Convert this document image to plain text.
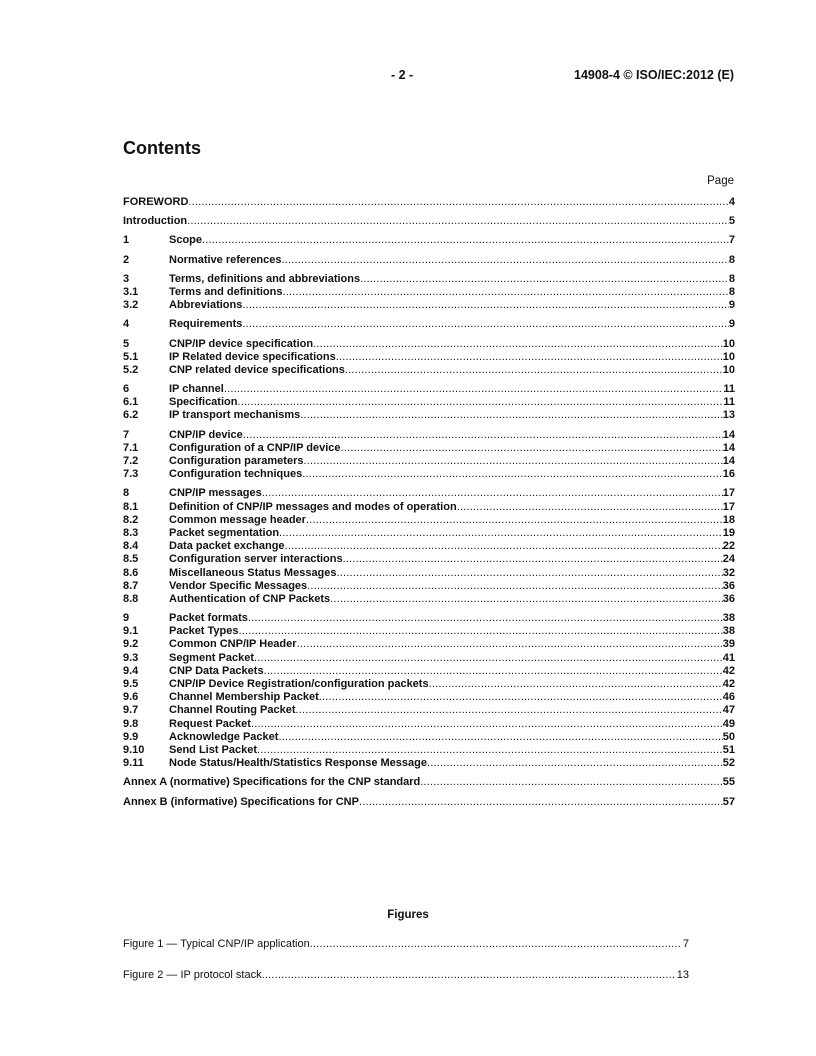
- 2 -	14908-4 © ISO/IEC:2012 (E)
Contents
Page
FOREWORD .....	4
Introduction .....	5
1	Scope .....	7
2	Normative references .....	8
3	Terms, definitions and abbreviations .....	8
3.1	Terms and definitions .....	8
3.2	Abbreviations .....	9
4	Requirements .....	9
5	CNP/IP device specification .....	10
5.1	IP Related device specifications .....	10
5.2	CNP related device specifications .....	10
6	IP channel .....	11
6.1	Specification .....	11
6.2	IP transport mechanisms .....	13
7	CNP/IP device .....	14
7.1	Configuration of a CNP/IP device .....	14
7.2	Configuration parameters .....	14
7.3	Configuration techniques .....	16
8	CNP/IP messages .....	17
8.1	Definition of CNP/IP messages and modes of operation .....	17
8.2	Common message header .....	18
8.3	Packet segmentation .....	19
8.4	Data packet exchange .....	22
8.5	Configuration server interactions .....	24
8.6	Miscellaneous Status Messages .....	32
8.7	Vendor Specific Messages .....	36
8.8	Authentication of CNP Packets .....	36
9	Packet formats .....	38
9.1	Packet Types .....	38
9.2	Common CNP/IP Header .....	39
9.3	Segment Packet .....	41
9.4	CNP Data Packets .....	42
9.5	CNP/IP Device Registration/configuration packets .....	42
9.6	Channel Membership Packet .....	46
9.7	Channel Routing Packet .....	47
9.8	Request Packet .....	49
9.9	Acknowledge Packet .....	50
9.10	Send List Packet .....	51
9.11	Node Status/Health/Statistics Response Message .....	52
Annex A (normative) Specifications for the CNP standard .....	55
Annex B (informative) Specifications for CNP .....	57
Figures
Figure 1 — Typical CNP/IP application .....	7
Figure 2 — IP protocol stack .....	13
